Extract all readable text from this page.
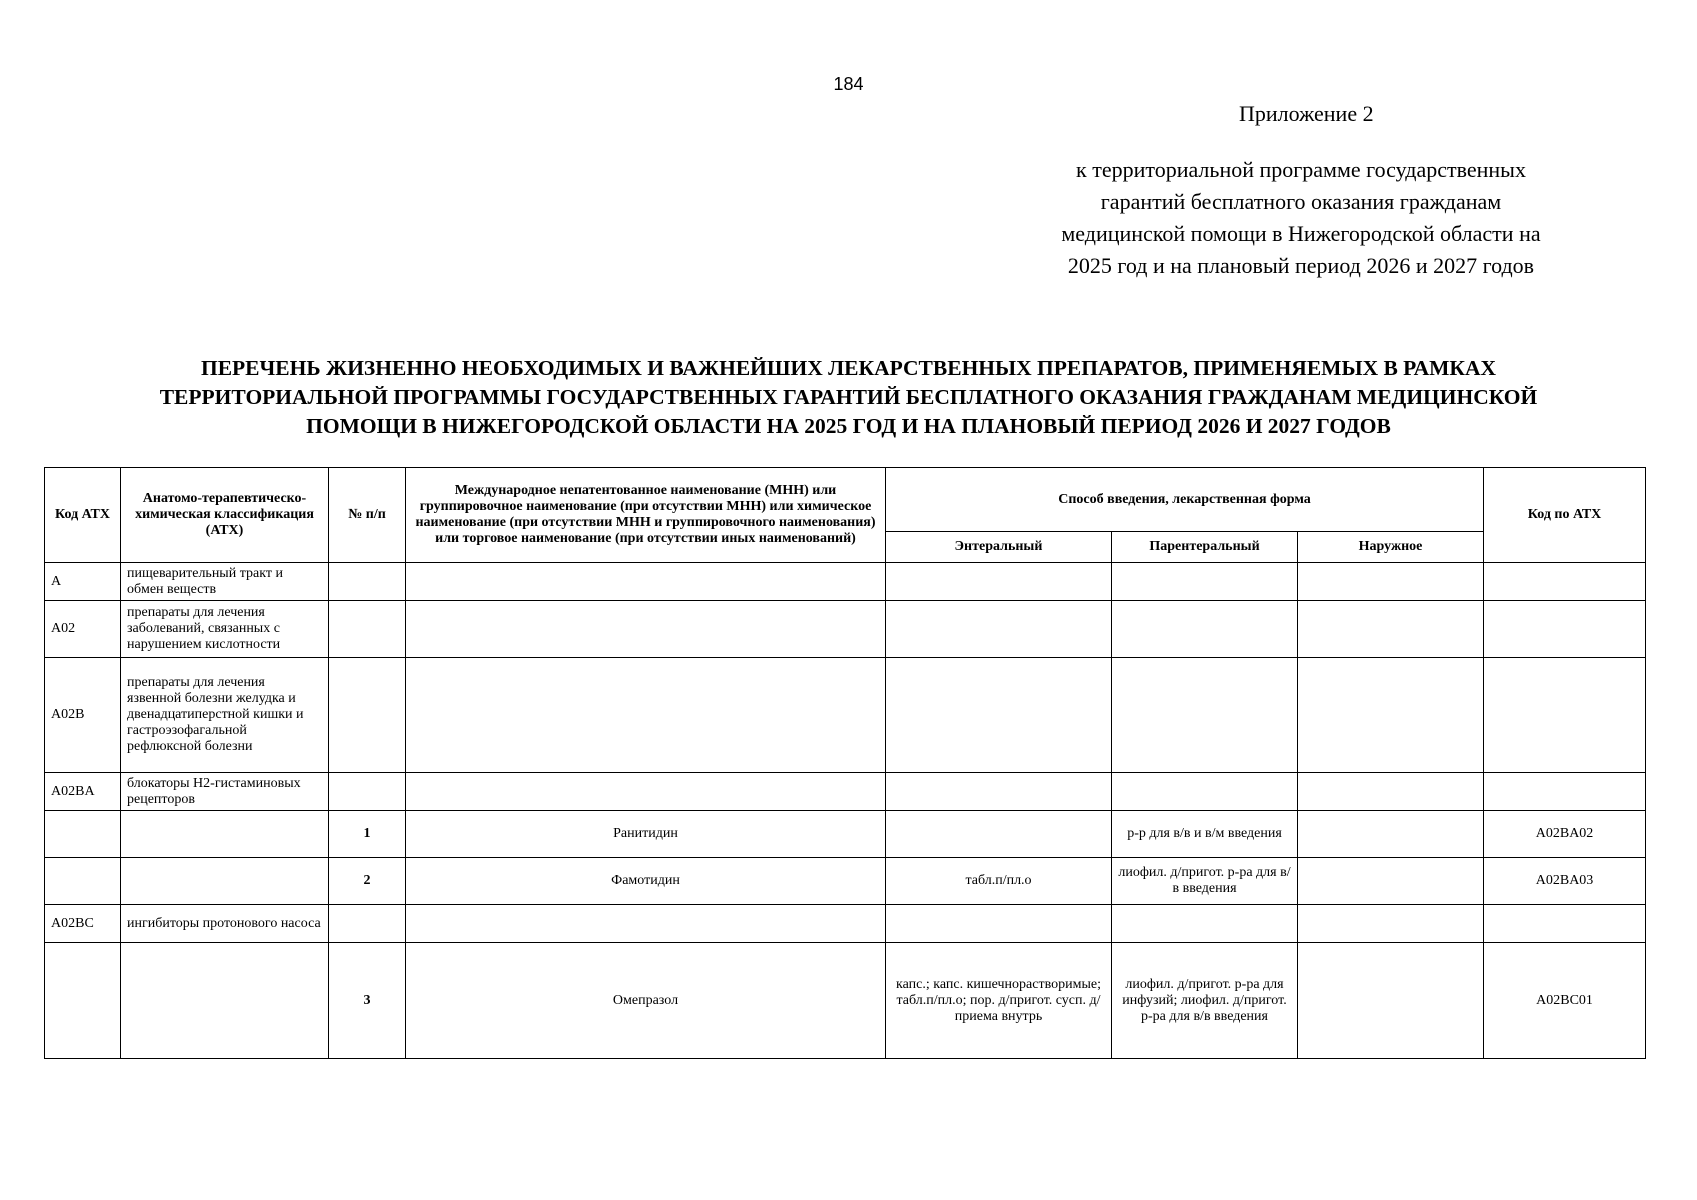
184
Приложение 2
к территориальной программе государственных
гарантий бесплатного оказания гражданам
медицинской помощи в Нижегородской области на
2025 год и на плановый период 2026 и 2027 годов
ПЕРЕЧЕНЬ ЖИЗНЕННО НЕОБХОДИМЫХ И ВАЖНЕЙШИХ ЛЕКАРСТВЕННЫХ ПРЕПАРАТОВ, ПРИМЕНЯЕМЫХ В РАМКАХ
ТЕРРИТОРИАЛЬНОЙ ПРОГРАММЫ ГОСУДАРСТВЕННЫХ ГАРАНТИЙ БЕСПЛАТНОГО ОКАЗАНИЯ ГРАЖДАНАМ МЕДИЦИНСКОЙ
ПОМОЩИ В НИЖЕГОРОДСКОЙ ОБЛАСТИ НА 2025 ГОД И НА ПЛАНОВЫЙ ПЕРИОД 2026 И 2027 ГОДОВ
Код АТХ	Анатомо-терапевтическо-химическая классификация (АТХ)	№ п/п	Международное непатентованное наименование (МНН) или группировочное наименование (при отсутствии МНН) или химическое наименование (при отсутствии МНН и группировочного наименования) или торговое наименование (при отсутствии иных наименований)	Способ введения, лекарственная форма			Код по АТХ
				Энтеральный	Парентеральный	Наружное	
A	пищеварительный тракт и обмен веществ						
A02	препараты для лечения заболеваний, связанных с нарушением кислотности						
A02B	препараты для лечения язвенной болезни желудка и двенадцатиперстной кишки и гастроэзофагальной рефлюксной болезни						
A02BA	блокаторы H2-гистаминовых рецепторов						
		1	Ранитидин		р-р для в/в и в/м введения		A02BA02
		2	Фамотидин	табл.п/пл.о	лиофил. д/пригот. р-ра для в/в введения		A02BA03
A02BC	ингибиторы протонового насоса						
		3	Омепразол	капс.; капс. кишечнорастворимые; табл.п/пл.о; пор. д/пригот. сусп. д/приема внутрь	лиофил. д/пригот. р-ра для инфузий; лиофил. д/пригот. р-ра для в/в введения		A02BC01
